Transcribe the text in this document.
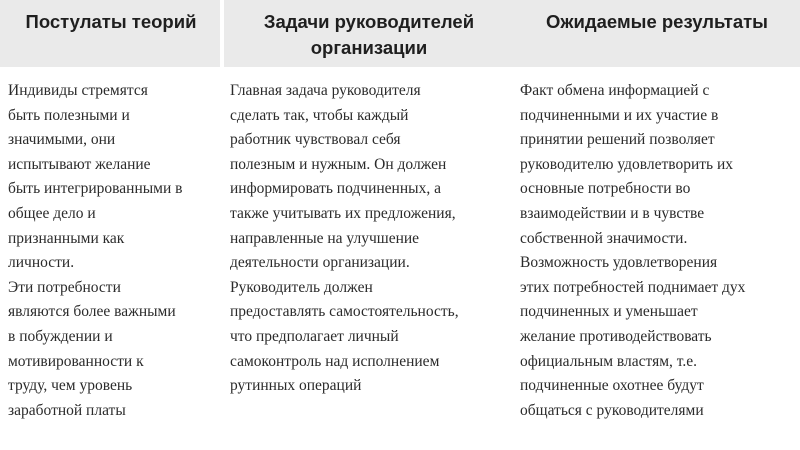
Постулаты теорий
Индивиды стремятся
быть полезными и
значимыми, они
испытывают желание
быть интегрированными в
общее дело и
признанными как
личности.
Эти потребности
являются более важными
в побуждении и
мотивированности к
труду, чем уровень
заработной платы
Задачи руководителей организации
Главная задача руководителя
сделать так, чтобы каждый
работник чувствовал себя
полезным и нужным. Он должен
информировать подчиненных, а
также учитывать их предложения,
направленные на улучшение
деятельности организации.
Руководитель должен
предоставлять самостоятельность,
что предполагает личный
самоконтроль над исполнением
рутинных операций
Ожидаемые результаты
Факт обмена информацией с
подчиненными и их участие в
принятии решений позволяет
руководителю удовлетворить их
основные потребности во
взаимодействии и в чувстве
собственной значимости.
Возможность удовлетворения
этих потребностей поднимает дух
подчиненных и уменьшает
желание противодействовать
официальным властям, т.е.
подчиненные охотнее будут
общаться с руководителями
